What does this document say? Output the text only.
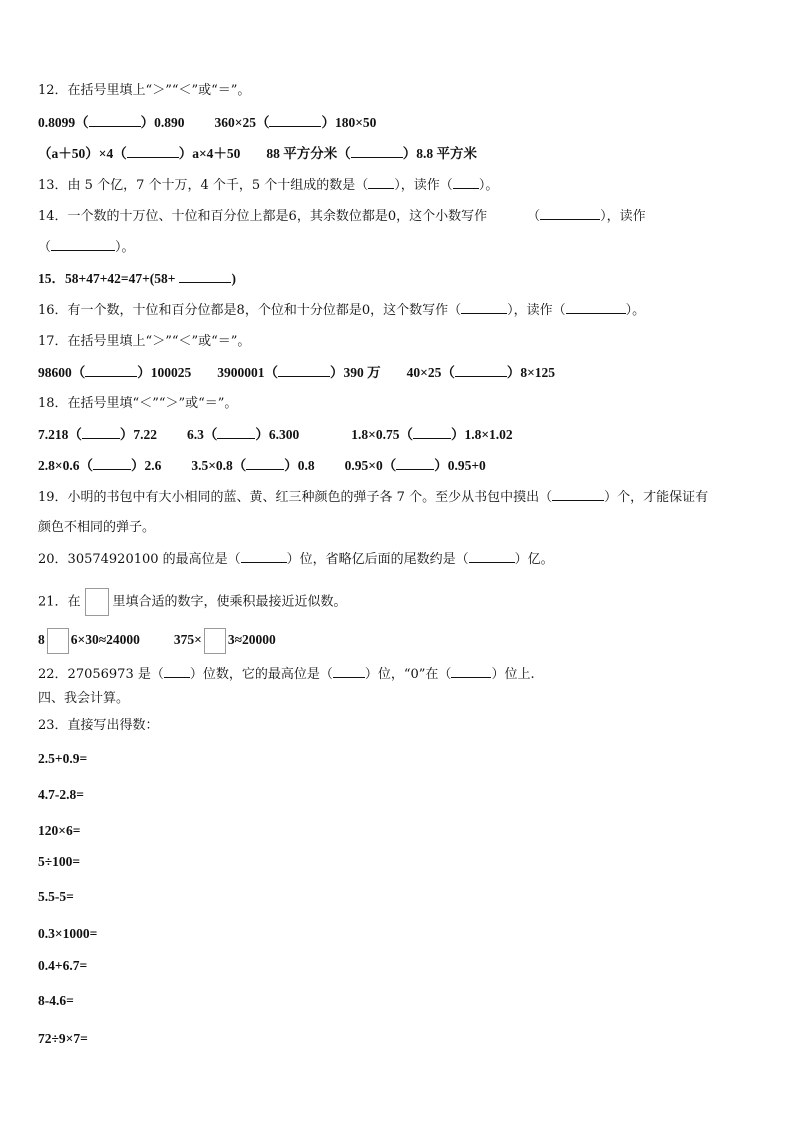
12．在括号里填上“＞”“＜”或“＝”。
0.8099（	）0.890 360×25（	）180×50
（a＋50）×4（	）a×4＋50 88 平方分米（	）8.8 平方米
13．由 5 个亿，7 个十万，4 个千，5 个十组成的数是（ ），读作（ ）。
14．一个数的十万位、十位和百分位上都是6，其余数位都是0，这个小数写作	（	），读作
（	）。
15．58+47+42=47+(58+	)
16．有一个数，十位和百分位都是8，个位和十分位都是0，这个数写作（	），读作（	）。
17．在括号里填上“＞”“＜”或“＝”。
98600（	）100025 3900001（	）390 万 40×25（	）8×125
18．在括号里填“＜”“＞”或“＝”。
7.218（	）7.22 6.3（	）6.300	1.8×0.75（	）1.8×1.02
2.8×0.6（	）2.6 3.5×0.8（	）0.8 0.95×0（	）0.95+0
19．小明的书包中有大小相同的蓝、黄、红三种颜色的弹子各 7 个。至少从书包中摸出（	）个，才能保证有
颜色不相同的弹子。
20．30574920100 的最高位是（	）位，省略亿后面的尾数约是（	）亿。
21．在 里填合适的数字，使乘积最接近近似数。
8 6×30≈24000	375× 3≈20000
22．27056973 是（ ）位数，它的最高位是（ ）位，“0”在（	）位上.
四、我会计算。
23．直接写出得数：
2.5+0.9=
4.7-2.8=
120×6=
5÷100=
5.5-5=
0.3×1000=
0.4+6.7=
8-4.6=
72÷9×7=
